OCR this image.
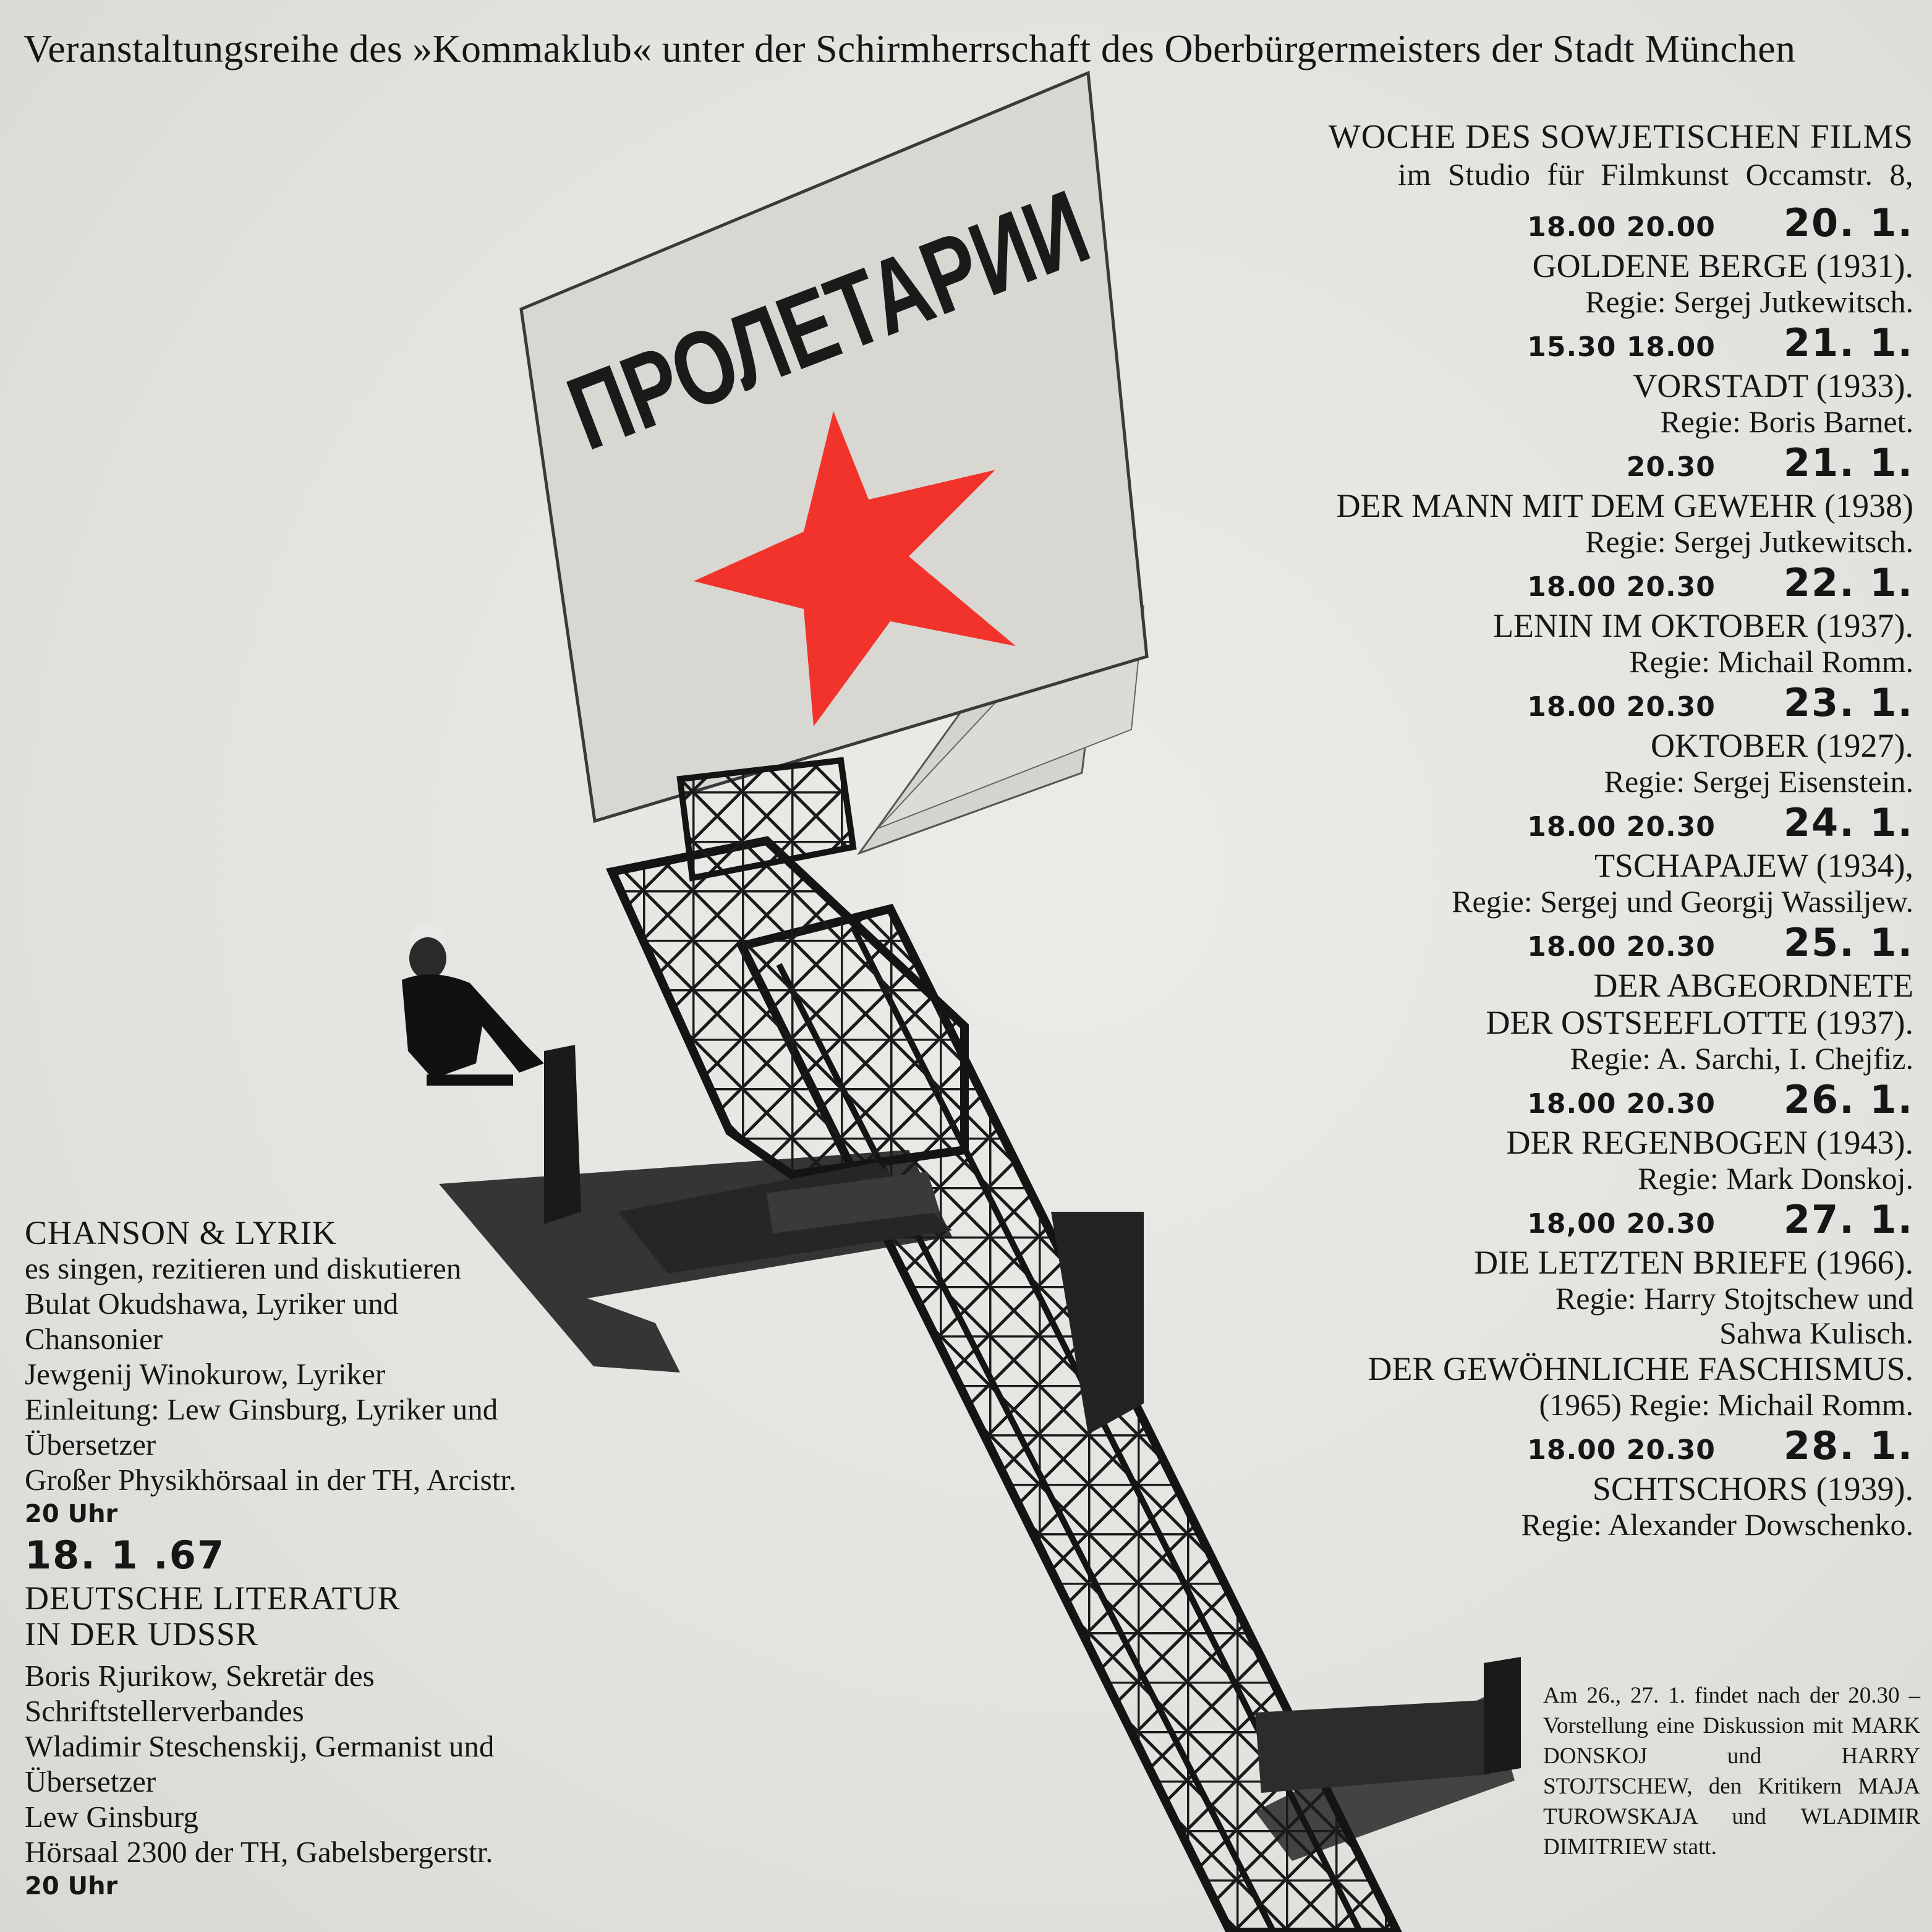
ПРОЛЕТАРИИ
Veranstaltungsreihe des »Kommaklub« unter der Schirmherrschaft des Oberbürgermeisters der Stadt München
WOCHE DES SOWJETISCHEN FILMS
im Studio für Filmkunst Occamstr. 8,
18.00 20.00 20. 1.
GOLDENE BERGE (1931).
Regie: Sergej Jutkewitsch.
15.30 18.00 21. 1.
VORSTADT (1933).
Regie: Boris Barnet.
20.30 21. 1.
DER MANN MIT DEM GEWEHR (1938)
Regie: Sergej Jutkewitsch.
18.00 20.30 22. 1.
LENIN IM OKTOBER (1937).
Regie: Michail Romm.
18.00 20.30 23. 1.
OKTOBER (1927).
Regie: Sergej Eisenstein.
18.00 20.30 24. 1.
TSCHAPAJEW (1934),
Regie: Sergej und Georgij Wassiljew.
18.00 20.30 25. 1.
DER ABGEORDNETE
DER OSTSEEFLOTTE (1937).
Regie: A. Sarchi, I. Chejfiz.
18.00 20.30 26. 1.
DER REGENBOGEN (1943).
Regie: Mark Donskoj.
18,00 20.30 27. 1.
DIE LETZTEN BRIEFE (1966).
Regie: Harry Stojtschew und
Sahwa Kulisch.
DER GEWÖHNLICHE FASCHISMUS.
(1965) Regie: Michail Romm.
18.00 20.30 28. 1.
SCHTSCHORS (1939).
Regie: Alexander Dowschenko.
Am 26., 27. 1. findet nach der 20.30 – Vorstellung eine Diskussion mit MARK DONSKOJ und HARRY STOJTSCHEW, den Kritikern MAJA TUROWSKAJA und WLADIMIR DIMITRIEW statt.
CHANSON & LYRIK
es singen, rezitieren und diskutieren
Bulat Okudshawa, Lyriker und
Chansonier
Jewgenij Winokurow, Lyriker
Einleitung: Lew Ginsburg, Lyriker und
Übersetzer
Großer Physikhörsaal in der TH, Arcistr.
20 Uhr
18. 1 .67
DEUTSCHE LITERATUR
IN DER UDSSR
Boris Rjurikow, Sekretär des
Schriftstellerverbandes
Wladimir Steschenskij, Germanist und
Übersetzer
Lew Ginsburg
Hörsaal 2300 der TH, Gabelsbergerstr.
20 Uhr
